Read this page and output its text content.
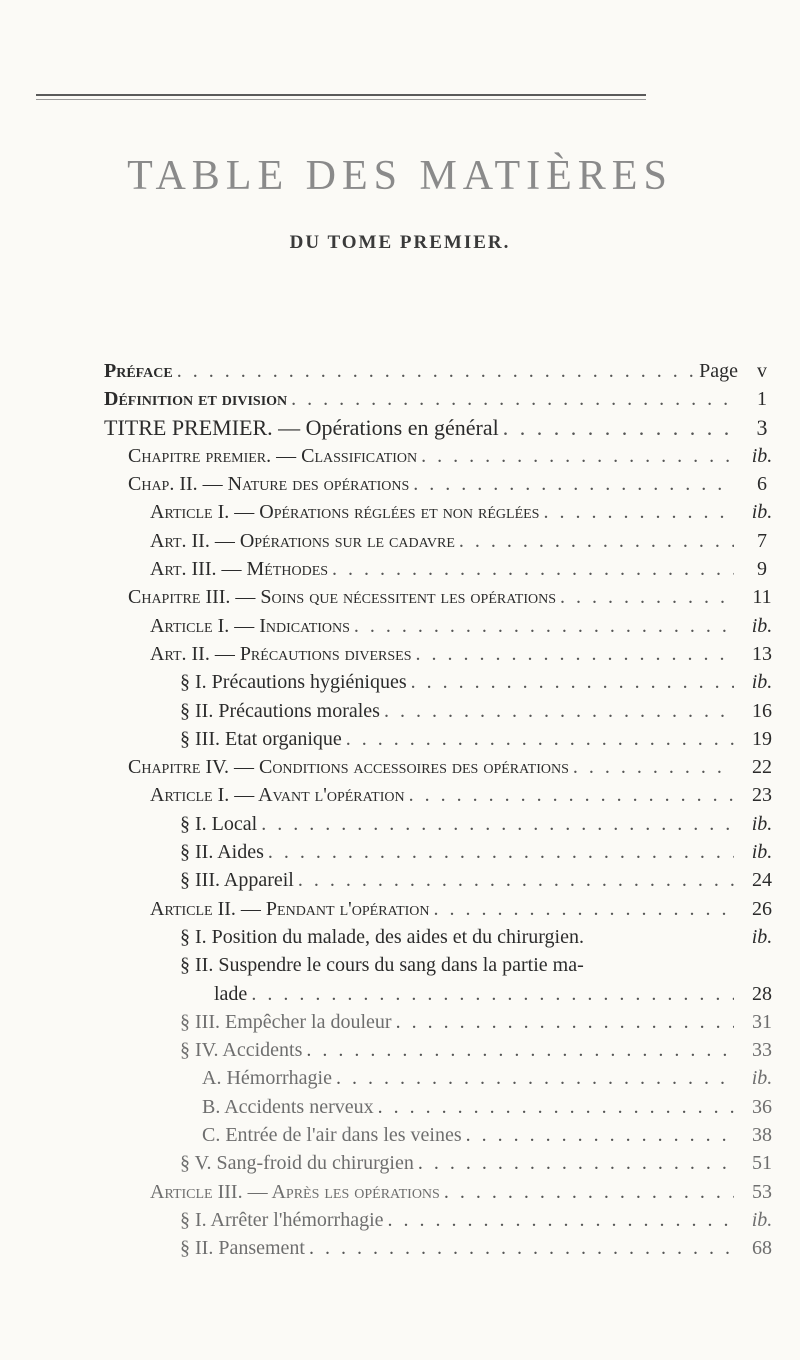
TABLE DES MATIÈRES
DU TOME PREMIER.
Préface . . .	Page v
Définition et division . . .	1
TITRE PREMIER. — Opérations en général . . .	3
Chapitre premier. — Classification . . .	ib.
Chap. II. — Nature des opérations . . .	6
Article I. — Opérations réglées et non réglées . . .	ib.
Art. II. — Opérations sur le cadavre . . .	7
Art. III. — Méthodes . . .	9
Chapitre III. — Soins que nécessitent les opérations . . .	11
Article I. — Indications . . .	ib.
Art. II. — Précautions diverses . . .	13
§ I. Précautions hygiéniques . . .	ib.
§ II. Précautions morales . . .	16
§ III. Etat organique . . .	19
Chapitre IV. — Conditions accessoires des opérations . . .	22
Article I. — Avant l'opération . . .	23
§ I. Local . . .	ib.
§ II. Aides . . .	ib.
§ III. Appareil . . .	24
Article II. — Pendant l'opération . . .	26
§ I. Position du malade, des aides et du chirurgien.	ib.
§ II. Suspendre le cours du sang dans la partie ma-
lade . . .	28
§ III. Empêcher la douleur . . .	31
§ IV. Accidents . . .	33
A. Hémorrhagie . . .	ib.
B. Accidents nerveux . . .	36
C. Entrée de l'air dans les veines . . .	38
§ V. Sang-froid du chirurgien . . .	51
Article III. — Après les opérations . . .	53
§ I. Arrêter l'hémorrhagie . . .	ib.
§ II. Pansement . . .	68
